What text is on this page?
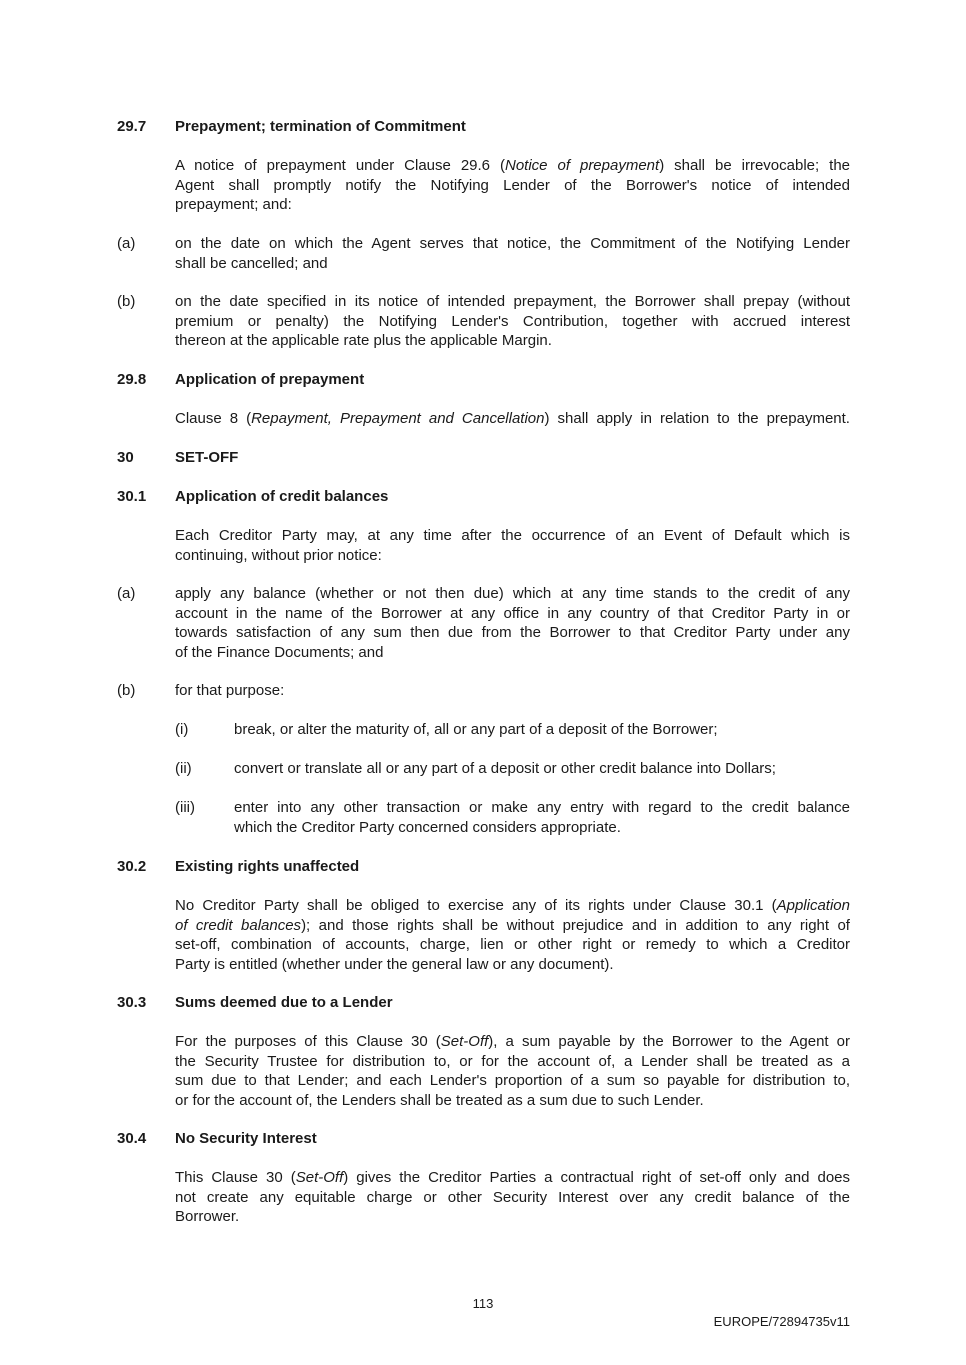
29.7 Prepayment; termination of Commitment
A notice of prepayment under Clause 29.6 (Notice of prepayment) shall be irrevocable; the
Agent shall promptly notify the Notifying Lender of the Borrower's notice of intended
prepayment; and:
(a)	on the date on which the Agent serves that notice, the Commitment of the Notifying Lender
shall be cancelled; and
(b)	on the date specified in its notice of intended prepayment, the Borrower shall prepay (without
premium or penalty) the Notifying Lender's Contribution, together with accrued interest
thereon at the applicable rate plus the applicable Margin.
29.8 Application of prepayment
Clause 8 (Repayment, Prepayment and Cancellation) shall apply in relation to the prepayment.
30	SET-OFF
30.1 Application of credit balances
Each Creditor Party may, at any time after the occurrence of an Event of Default which is
continuing, without prior notice:
(a)	apply any balance (whether or not then due) which at any time stands to the credit of any
account in the name of the Borrower at any office in any country of that Creditor Party in or
towards satisfaction of any sum then due from the Borrower to that Creditor Party under any
of the Finance Documents; and
(b)	for that purpose:
(i)	break, or alter the maturity of, all or any part of a deposit of the Borrower;
(ii)	convert or translate all or any part of a deposit or other credit balance into Dollars;
(iii)	enter into any other transaction or make any entry with regard to the credit balance
which the Creditor Party concerned considers appropriate.
30.2 Existing rights unaffected
No Creditor Party shall be obliged to exercise any of its rights under Clause 30.1 (Application
of credit balances); and those rights shall be without prejudice and in addition to any right of
set-off, combination of accounts, charge, lien or other right or remedy to which a Creditor
Party is entitled (whether under the general law or any document).
30.3 Sums deemed due to a Lender
For the purposes of this Clause 30 (Set-Off), a sum payable by the Borrower to the Agent or
the Security Trustee for distribution to, or for the account of, a Lender shall be treated as a
sum due to that Lender; and each Lender's proportion of a sum so payable for distribution to,
or for the account of, the Lenders shall be treated as a sum due to such Lender.
30.4 No Security Interest
This Clause 30 (Set-Off) gives the Creditor Parties a contractual right of set-off only and does
not create any equitable charge or other Security Interest over any credit balance of the
Borrower.
113
EUROPE/72894735v11
